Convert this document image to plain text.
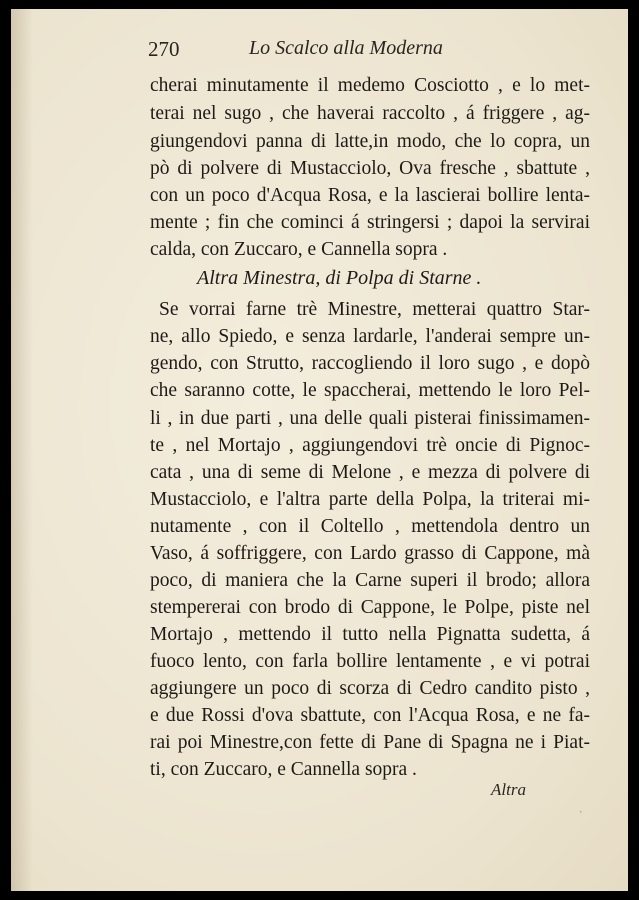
270	Lo Scalco alla Moderna
cherai minutamente il medemo Cosciotto , e lo met-
terai nel sugo , che haverai raccolto , á friggere , ag-
giungendovi panna di latte,in modo, che lo copra, un
pò di polvere di Mustacciolo, Ova fresche , sbattute ,
con un poco d'Acqua Rosa, e la lascierai bollire lenta-
mente ; fin che cominci á stringersi ; dapoi la servirai
calda, con Zuccaro, e Cannella sopra .
Altra Minestra, di Polpa di Starne .
Se vorrai farne trè Minestre, metterai quattro Star-
ne, allo Spiedo, e senza lardarle, l'anderai sempre un-
gendo, con Strutto, raccogliendo il loro sugo , e dopò
che saranno cotte, le spaccherai, mettendo le loro Pel-
li , in due parti , una delle quali pisterai finissimamen-
te , nel Mortajo , aggiungendovi trè oncie di Pignoc-
cata , una di seme di Melone , e mezza di polvere di
Mustacciolo, e l'altra parte della Polpa, la triterai mi-
nutamente , con il Coltello , mettendola dentro un
Vaso, á soffriggere, con Lardo grasso di Cappone, mà
poco, di maniera che la Carne superi il brodo; allora
stempererai con brodo di Cappone, le Polpe, piste nel
Mortajo , mettendo il tutto nella Pignatta sudetta, á
fuoco lento, con farla bollire lentamente , e vi potrai
aggiungere un poco di scorza di Cedro candito pisto ,
e due Rossi d'ova sbattute, con l'Acqua Rosa, e ne fa-
rai poi Minestre,con fette di Pane di Spagna ne i Piat-
ti, con Zuccaro, e Cannella sopra .
Altra
᾿
